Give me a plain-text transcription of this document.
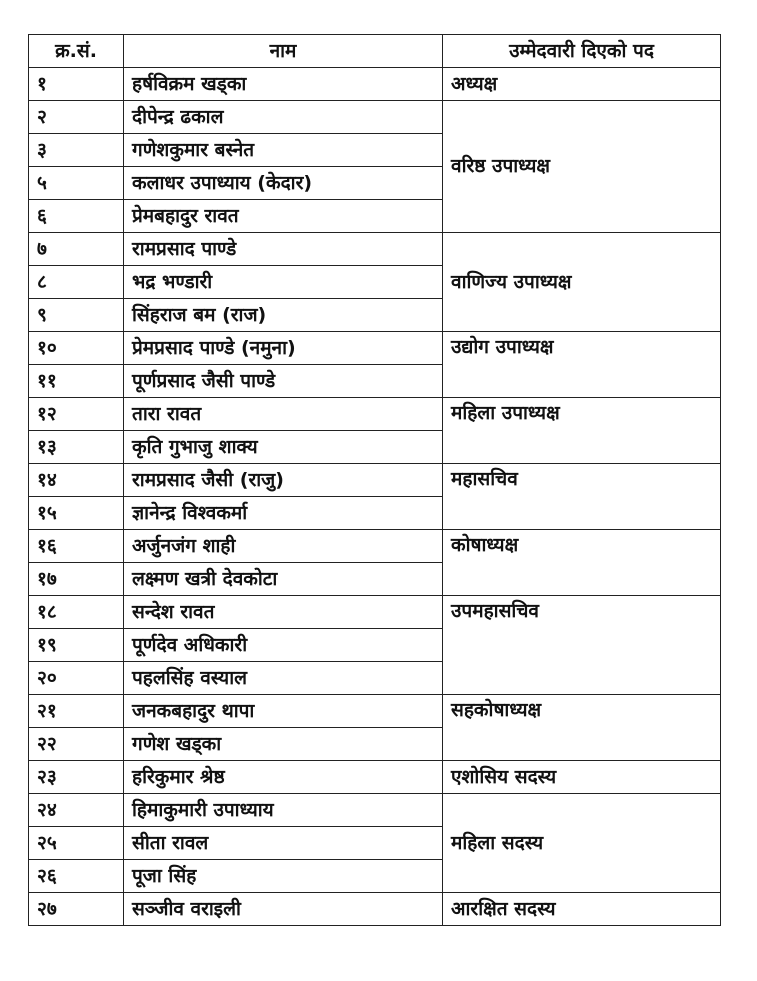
क्र.सं.	नाम	उम्मेदवारी दिएको पद
१	हर्षविक्रम खड्का	अध्यक्ष
२	दीपेन्द्र ढकाल	वरिष्ठ उपाध्यक्ष
३	गणेशकुमार बस्नेत	
५	कलाधर उपाध्याय (केदार)	
६	प्रेमबहादुर रावत	
७	रामप्रसाद पाण्डे	वाणिज्य उपाध्यक्ष
८	भद्र भण्डारी	
९	सिंहराज बम (राज)	
१०	प्रेमप्रसाद पाण्डे (नमुना)	उद्योग उपाध्यक्ष
११	पूर्णप्रसाद जैसी पाण्डे	
१२	तारा रावत	महिला उपाध्यक्ष
१३	कृति गुभाजु शाक्य	
१४	रामप्रसाद जैसी (राजु)	महासचिव
१५	ज्ञानेन्द्र विश्वकर्मा	
१६	अर्जुनजंग शाही	कोषाध्यक्ष
१७	लक्ष्मण खत्री देवकोटा	
१८	सन्देश रावत	उपमहासचिव
१९	पूर्णदेव अधिकारी	
२०	पहलसिंह वस्याल	
२१	जनकबहादुर थापा	सहकोषाध्यक्ष
२२	गणेश खड्का	
२३	हरिकुमार श्रेष्ठ	एशोसिय सदस्य
२४	हिमाकुमारी उपाध्याय	महिला सदस्य
२५	सीता रावल	
२६	पूजा सिंह	
२७	सञ्जीव वराइली	आरक्षित सदस्य
